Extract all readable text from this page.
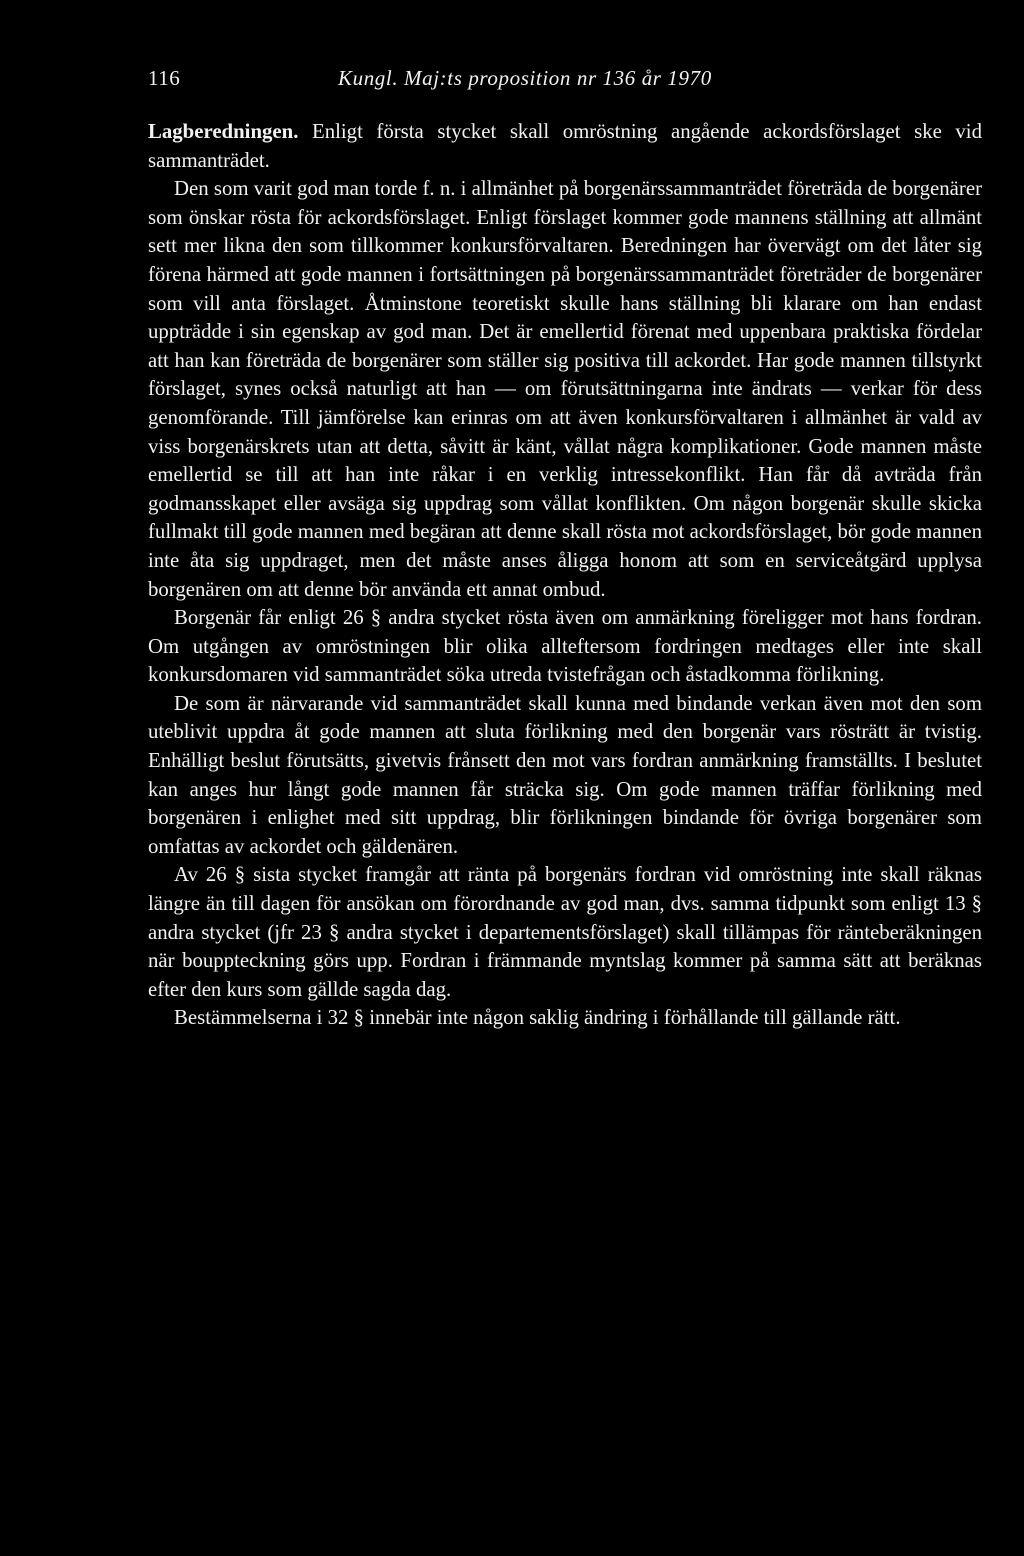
116	Kungl. Maj:ts proposition nr 136 år 1970

Lagberedningen. Enligt första stycket skall omröstning angående ackordsförslaget ske vid sammanträdet.

Den som varit god man torde f. n. i allmänhet på borgenärssammanträdet företräda de borgenärer som önskar rösta för ackordsförslaget. Enligt förslaget kommer gode mannens ställning att allmänt sett mer likna den som tillkommer konkursförvaltaren. Beredningen har övervägt om det låter sig förena härmed att gode mannen i fortsättningen på borgenärssammanträdet företräder de borgenärer som vill anta förslaget. Åtminstone teoretiskt skulle hans ställning bli klarare om han endast uppträdde i sin egenskap av god man. Det är emellertid förenat med uppenbara praktiska fördelar att han kan företräda de borgenärer som ställer sig positiva till ackordet. Har gode mannen tillstyrkt förslaget, synes också naturligt att han –– om förutsättningarna inte ändrats –– verkar för dess genomförande. Till jämförelse kan erinras om att även konkursförvaltaren i allmänhet är vald av viss borgenärskrets utan att detta, såvitt är känt, vållat några komplikationer. Gode mannen måste emellertid se till att han inte råkar i en verklig intressekonflikt. Han får då avträda från godmansskapet eller avsäga sig uppdrag som vållat konflikten. Om någon borgenär skulle skicka fullmakt till gode mannen med begäran att denne skall rösta mot ackordsförslaget, bör gode mannen inte åta sig uppdraget, men det måste anses åligga honom att som en serviceåtgärd upplysa borgenären om att denne bör använda ett annat ombud.

Borgenär får enligt 26 § andra stycket rösta även om anmärkning föreligger mot hans fordran. Om utgången av omröstningen blir olika allteftersom fordringen medtages eller inte skall konkursdomaren vid sammanträdet söka utreda tvistefrågan och åstadkomma förlikning.

De som är närvarande vid sammanträdet skall kunna med bindande verkan även mot den som uteblivit uppdra åt gode mannen att sluta förlikning med den borgenär vars rösträtt är tvistig. Enhälligt beslut förutsätts, givetvis frånsett den mot vars fordran anmärkning framställts. I beslutet kan anges hur långt gode mannen får sträcka sig. Om gode mannen träffar förlikning med borgenären i enlighet med sitt uppdrag, blir förlikningen bindande för övriga borgenärer som omfattas av ackordet och gäldenären.

Av 26 § sista stycket framgår att ränta på borgenärs fordran vid omröstning inte skall räknas längre än till dagen för ansökan om förordnande av god man, dvs. samma tidpunkt som enligt 13 § andra stycket (jfr 23 § andra stycket i departementsförslaget) skall tillämpas för ränteberäkningen när bouppteckning görs upp. Fordran i främmande myntslag kommer på samma sätt att beräknas efter den kurs som gällde sagda dag.

Bestämmelserna i 32 § innebär inte någon saklig ändring i förhållande till gällande rätt.
